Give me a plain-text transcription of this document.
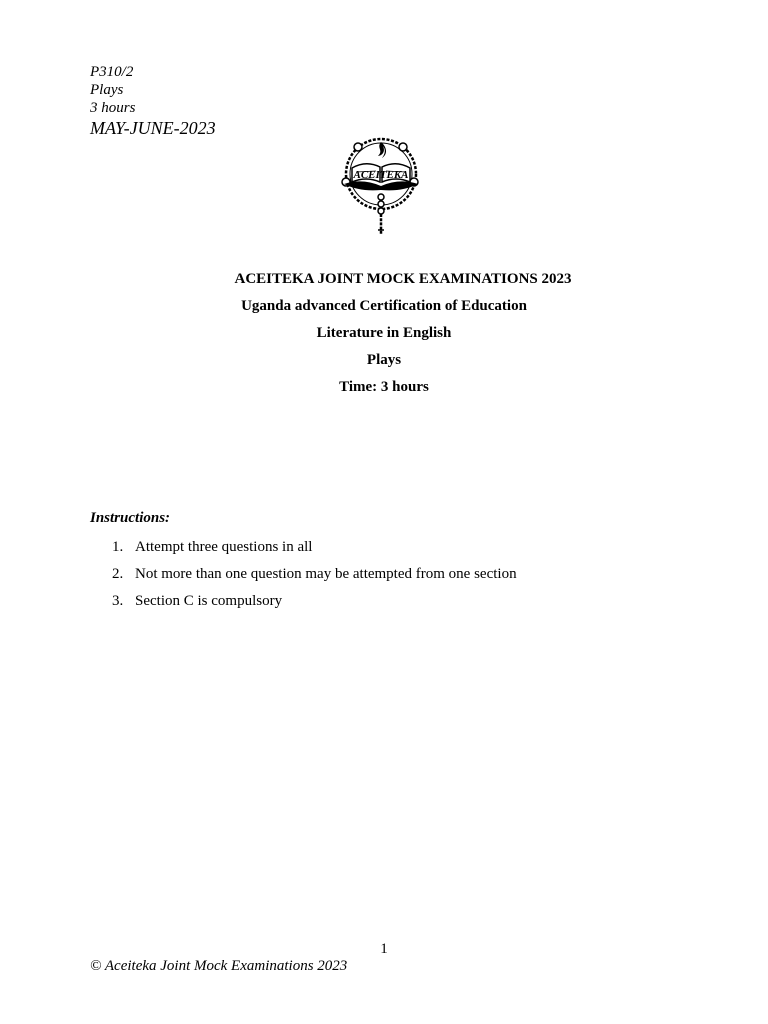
P310/2
Plays
3 hours
MAY-JUNE-2023
ACEITEKA
ACEITEKA JOINT MOCK EXAMINATIONS 2023
Uganda advanced Certification of Education
Literature in English
Plays
Time: 3 hours
Instructions:
1. Attempt three questions in all
2. Not more than one question may be attempted from one section
3. Section C is compulsory
1
© Aceiteka Joint Mock Examinations 2023
